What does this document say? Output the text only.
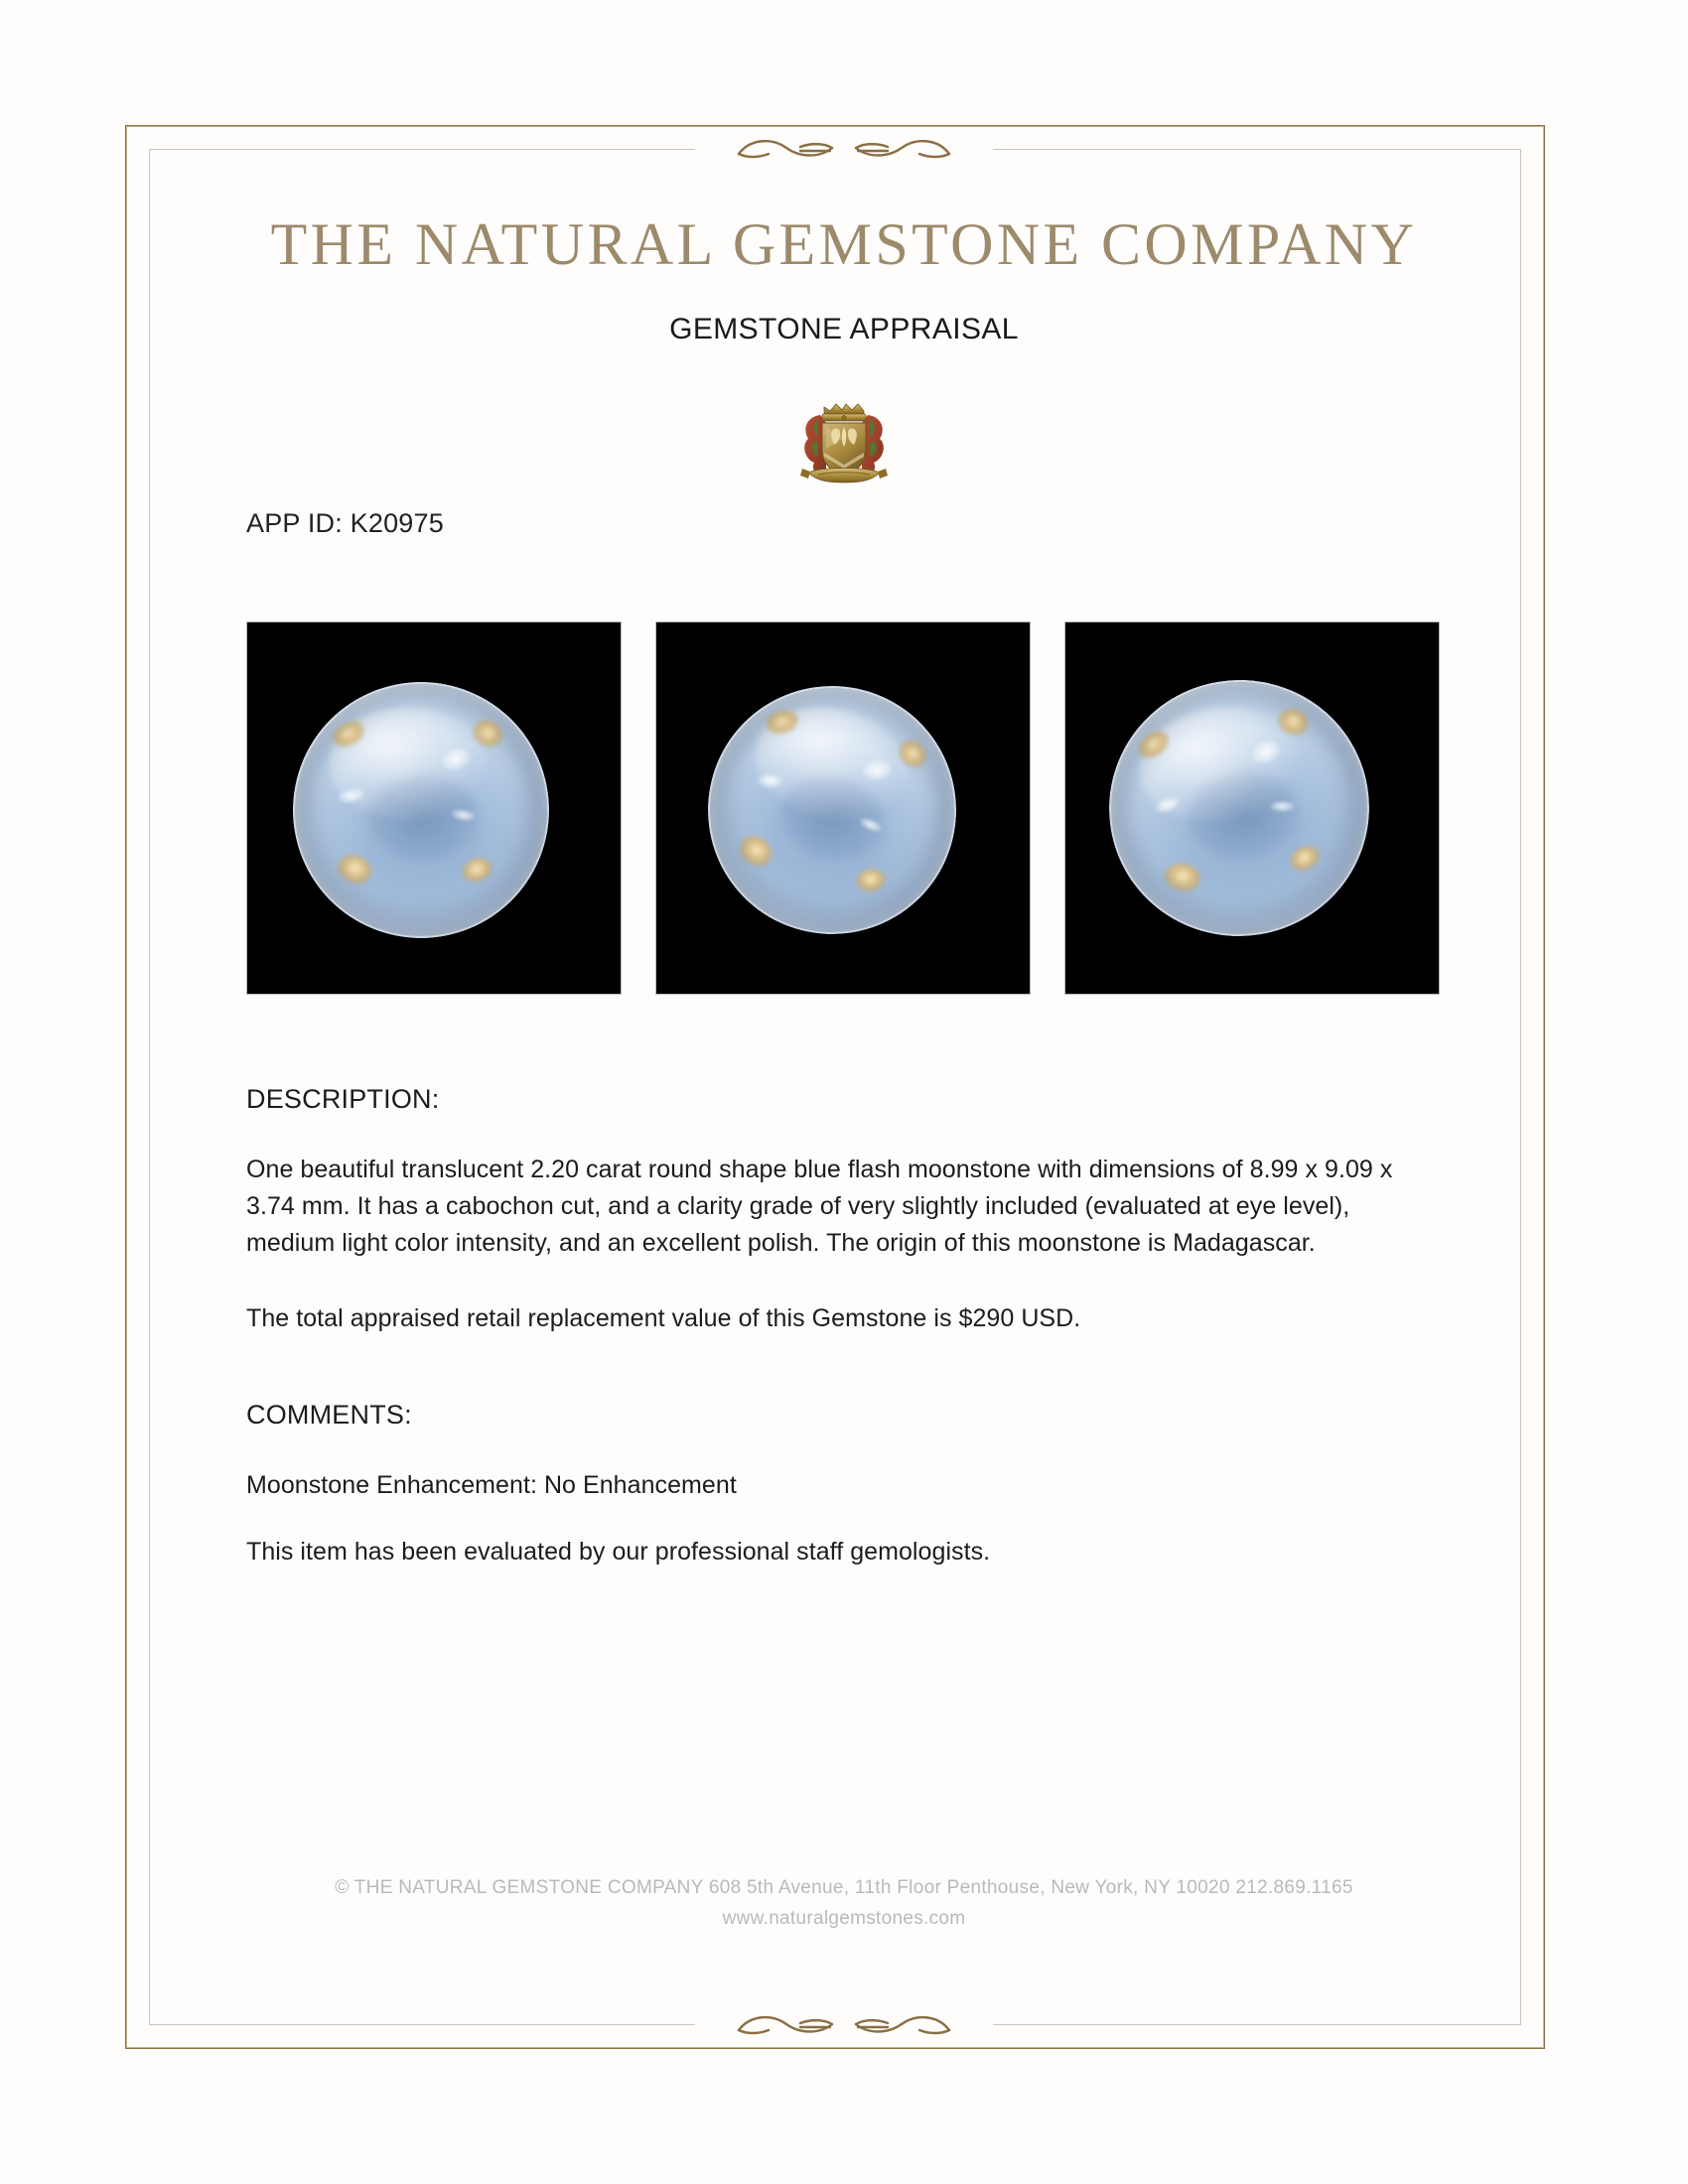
THE NATURAL GEMSTONE COMPANY
GEMSTONE APPRAISAL
APP ID: K20975
DESCRIPTION:
One beautiful translucent 2.20 carat round shape blue flash moonstone with dimensions of 8.99 x 9.09 x 3.74 mm. It has a cabochon cut, and a clarity grade of very slightly included (evaluated at eye level), medium light color intensity, and an excellent polish. The origin of this moonstone is Madagascar.
The total appraised retail replacement value of this Gemstone is $290 USD.
COMMENTS:
Moonstone Enhancement: No Enhancement
This item has been evaluated by our professional staff gemologists.
© THE NATURAL GEMSTONE COMPANY 608 5th Avenue, 11th Floor Penthouse, New York, NY 10020 212.869.1165
www.naturalgemstones.com
